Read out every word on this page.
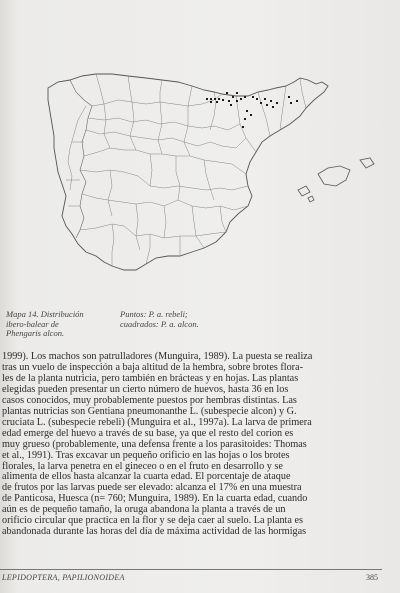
Mapa 14. Distribución
ibero-balear de
Phengaris alcon.
Puntos: P. a. rebeli;
cuadrados: P. a. alcon.

1999). Los machos son patrulladores (Munguira, 1989). La puesta se realiza

tras un vuelo de inspección a baja altitud de la hembra, sobre brotes flora-

les de la planta nutricia, pero también en brácteas y en hojas. Las plantas

elegidas pueden presentar un cierto número de huevos, hasta 36 en los

casos conocidos, muy probablemente puestos por hembras distintas. Las

plantas nutricias son Gentiana pneumonanthe L. (subespecie alcon) y G.

cruciata L. (subespecie rebeli) (Munguira et al., 1997a). La larva de primera

edad emerge del huevo a través de su base, ya que el resto del corion es

muy grueso (probablemente, una defensa frente a los parasitoides: Thomas

et al., 1991). Tras excavar un pequeño orificio en las hojas o los brotes

florales, la larva penetra en el gineceo o en el fruto en desarrollo y se

alimenta de ellos hasta alcanzar la cuarta edad. El porcentaje de ataque

de frutos por las larvas puede ser elevado: alcanza el 17% en una muestra

de Panticosa, Huesca (n= 760; Munguira, 1989). En la cuarta edad, cuando

aún es de pequeño tamaño, la oruga abandona la planta a través de un

orificio circular que practica en la flor y se deja caer al suelo. La planta es

abandonada durante las horas del día de máxima actividad de las hormigas

LEPIDOPTERA, PAPILIONOIDEA	385
